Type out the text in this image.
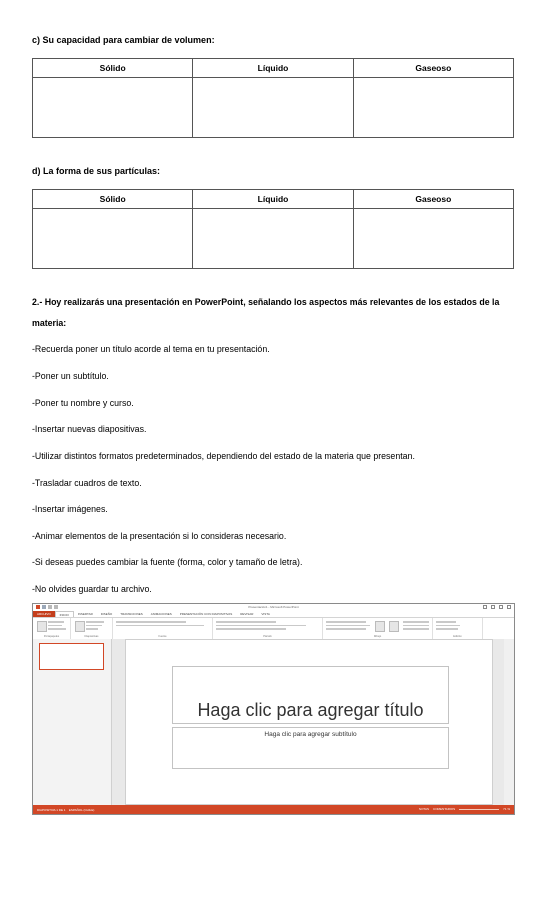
c) Su capacidad para cambiar de volumen:
Sólido	Líquido	Gaseoso

d) La forma de sus partículas:
Sólido	Líquido	Gaseoso

2.- Hoy realizarás una presentación en PowerPoint, señalando los aspectos más relevantes de los estados de la materia:
-Recuerda poner un título acorde al tema en tu presentación.
-Poner un subtítulo.
-Poner tu nombre y curso.
-Insertar nuevas diapositivas.
-Utilizar distintos formatos predeterminados, dependiendo del estado de la materia que presentan.
-Trasladar cuadros de texto.
-Insertar imágenes.
-Animar elementos de la presentación si lo consideras necesario.
-Si deseas puedes cambiar la fuente (forma, color y tamaño de letra).
-No olvides guardar tu archivo.
Presentación1 - Microsoft PowerPoint
ARCHIVO	INICIO	INSERTAR	DISEÑO	TRANSICIONES	ANIMACIONES	PRESENTACIÓN CON DIAPOSITIVAS	REVISAR	VISTA
Portapapeles	Diapositivas	Fuente	Párrafo	Dibujo	Edición
Haga clic para agregar título
Haga clic para agregar subtítulo
DIAPOSITIVA 1 DE 1 ESPAÑOL (CHILE)	NOTAS COMENTARIOS	71 %
